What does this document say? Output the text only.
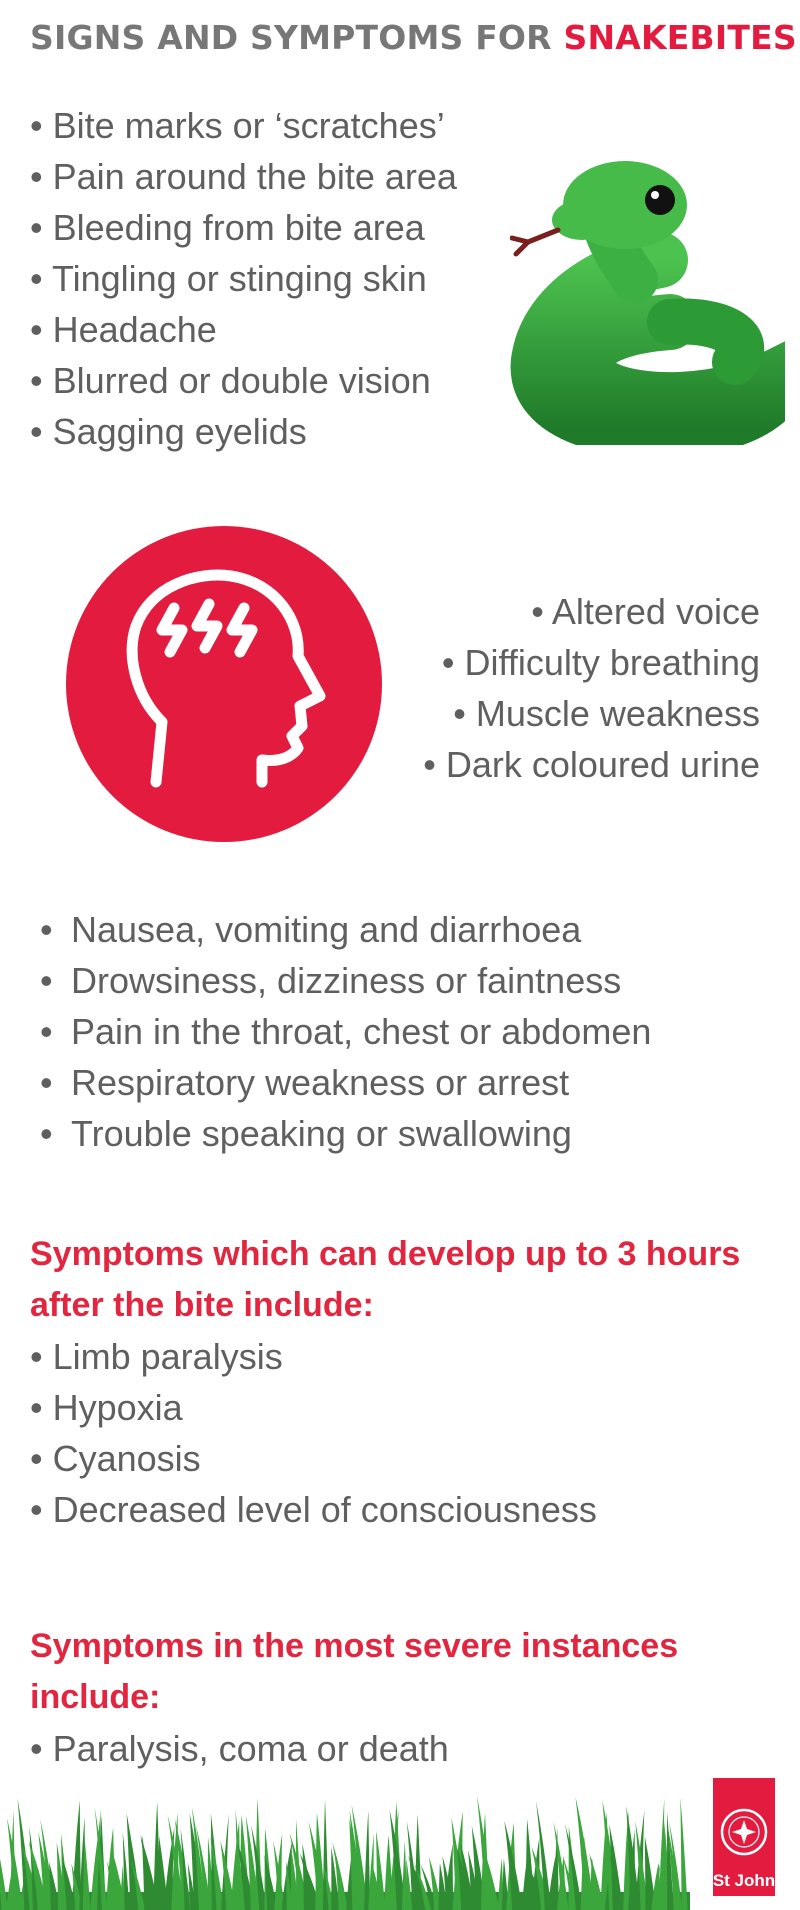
SIGNS AND SYMPTOMS FOR SNAKEBITES
• Bite marks or ‘scratches’
• Pain around the bite area
• Bleeding from bite area
• Tingling or stinging skin
• Headache
• Blurred or double vision
• Sagging eyelids
• Altered voice
• Difficulty breathing
• Muscle weakness
• Dark coloured urine
• Nausea, vomiting and diarrhoea
• Drowsiness, dizziness or faintness
• Pain in the throat, chest or abdomen
• Respiratory weakness or arrest
• Trouble speaking or swallowing
Symptoms which can develop up to 3 hours
after the bite include:
• Limb paralysis
• Hypoxia
• Cyanosis
• Decreased level of consciousness
Symptoms in the most severe instances
include:
• Paralysis, coma or death
St John
